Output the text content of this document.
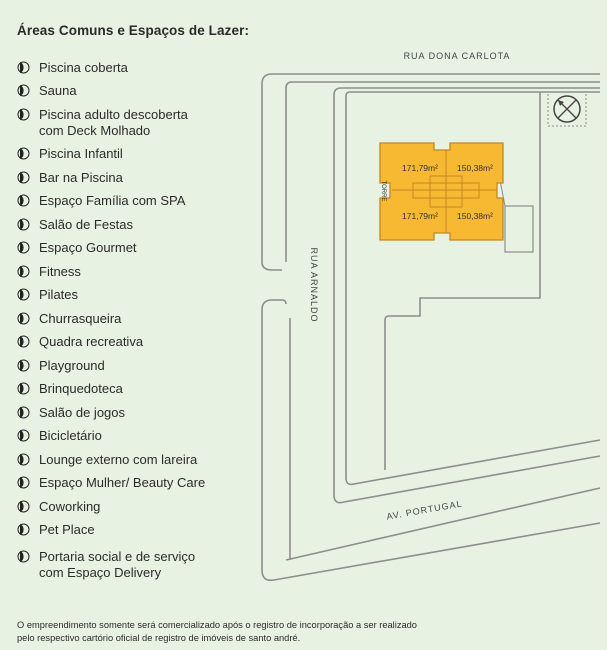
Áreas Comuns e Espaços de Lazer:
Piscina coberta
Sauna
Piscina adulto descoberta
com Deck Molhado
Piscina Infantil
Bar na Piscina
Espaço Família com SPA
Salão de Festas
Espaço Gourmet
Fitness
Pilates
Churrasqueira
Quadra recreativa
Playground
Brinquedoteca
Salão de jogos
Bicicletário
Lounge externo com lareira
Espaço Mulher/ Beauty Care
Coworking
Pet Place
Portaria social e de serviço
com Espaço Delivery
171,79m² 150,38m²
171,79m² 150,38m²
TORRE
RUA DONA CARLOTA
RUA ARNALDO
AV. PORTUGAL
O empreendimento somente será comercializado após o registro de incorporação a ser realizado
pelo respectivo cartório oficial de registro de imóveis de santo andré.
